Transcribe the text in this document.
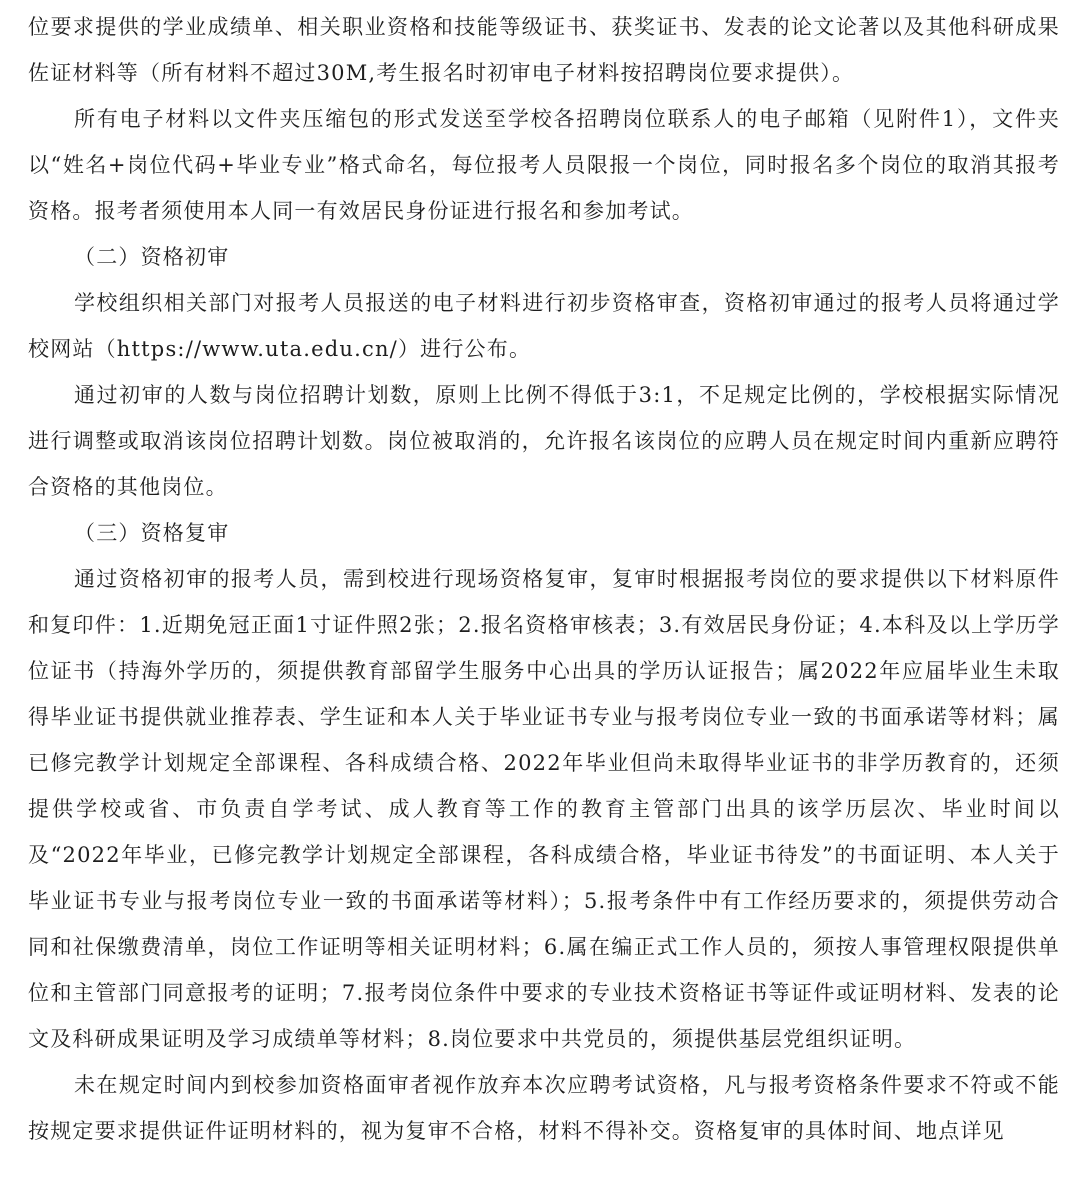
位要求提供的学业成绩单、相关职业资格和技能等级证书、获奖证书、发表的论文论著以及其他科研成果佐证材料等（所有材料不超过30M,考生报名时初审电子材料按招聘岗位要求提供）。

所有电子材料以文件夹压缩包的形式发送至学校各招聘岗位联系人的电子邮箱（见附件1），文件夹以“姓名+岗位代码+毕业专业”格式命名，每位报考人员限报一个岗位，同时报名多个岗位的取消其报考资格。报考者须使用本人同一有效居民身份证进行报名和参加考试。

（二）资格初审

学校组织相关部门对报考人员报送的电子材料进行初步资格审查，资格初审通过的报考人员将通过学校网站（https://www.uta.edu.cn/）进行公布。

通过初审的人数与岗位招聘计划数，原则上比例不得低于3:1，不足规定比例的，学校根据实际情况进行调整或取消该岗位招聘计划数。岗位被取消的，允许报名该岗位的应聘人员在规定时间内重新应聘符合资格的其他岗位。

（三）资格复审

通过资格初审的报考人员，需到校进行现场资格复审，复审时根据报考岗位的要求提供以下材料原件和复印件：1.近期免冠正面1寸证件照2张；2.报名资格审核表；3.有效居民身份证；4.本科及以上学历学位证书（持海外学历的，须提供教育部留学生服务中心出具的学历认证报告；属2022年应届毕业生未取得毕业证书提供就业推荐表、学生证和本人关于毕业证书专业与报考岗位专业一致的书面承诺等材料；属已修完教学计划规定全部课程、各科成绩合格、2022年毕业但尚未取得毕业证书的非学历教育的，还须提供学校或省、市负责自学考试、成人教育等工作的教育主管部门出具的该学历层次、毕业时间以及“2022年毕业，已修完教学计划规定全部课程，各科成绩合格，毕业证书待发”的书面证明、本人关于毕业证书专业与报考岗位专业一致的书面承诺等材料）；5.报考条件中有工作经历要求的，须提供劳动合同和社保缴费清单，岗位工作证明等相关证明材料；6.属在编正式工作人员的，须按人事管理权限提供单位和主管部门同意报考的证明；7.报考岗位条件中要求的专业技术资格证书等证件或证明材料、发表的论文及科研成果证明及学习成绩单等材料；8.岗位要求中共党员的，须提供基层党组织证明。

未在规定时间内到校参加资格面审者视作放弃本次应聘考试资格，凡与报考资格条件要求不符或不能按规定要求提供证件证明材料的，视为复审不合格，材料不得补交。资格复审的具体时间、地点详见
